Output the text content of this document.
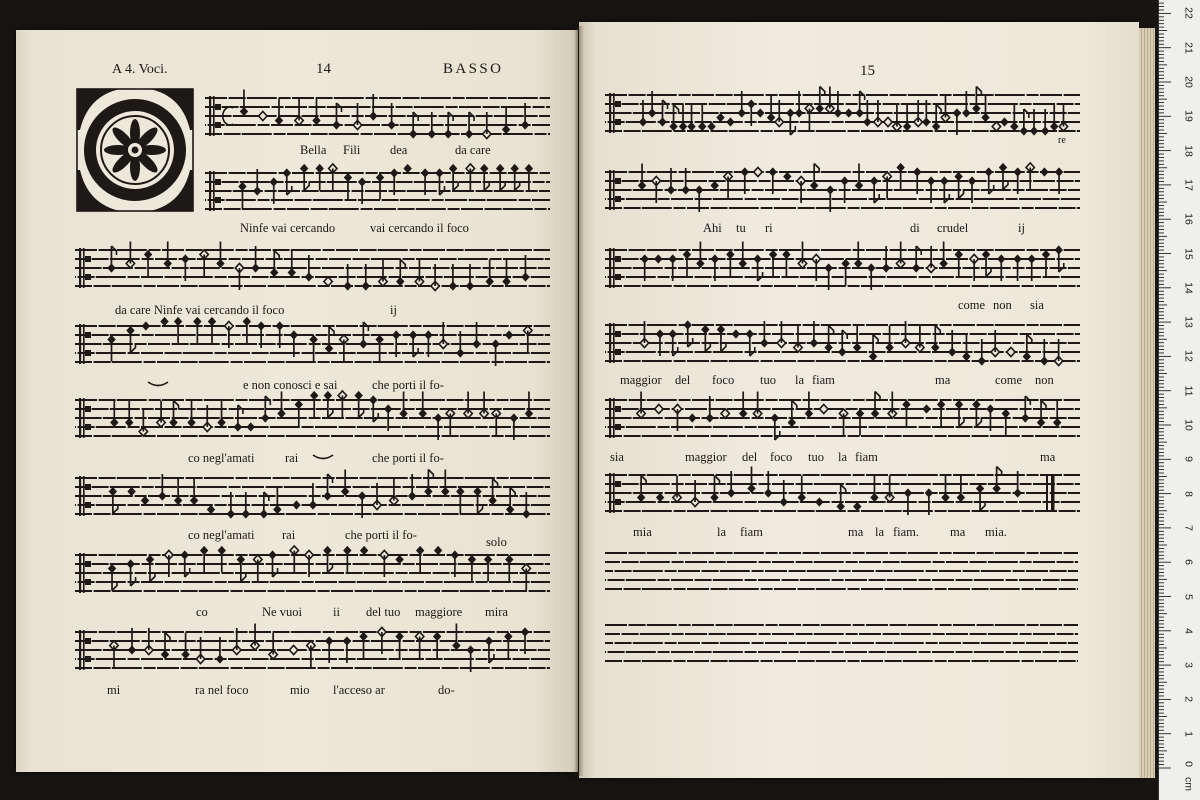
A 4. Voci.	14	BASSO	15
0
1
2
3
4
5
6
7
8
9
10
11
12
13
14
15
16
17
18
19
20
21
22
cm
Bella Fili dea	da care
Ninfe vai cercando	vai cercando il foco
da care Ninfe vai cercando il foco	ij
e non conosci e sai	che porti il fo-
co negl'amati rai	che porti il fo-
co negl'amati rai	che porti il fo-	solo
co	Ne vuoi ii del tuo maggiore mira
mi	ra nel foco	mio l'acceso ar	do-
re
Ahi tu ri	di crudel	ij
come non sia
maggior del foco tuo la fiam	ma	come non
sia	maggior del foco tuo la fiam	ma
mia	la fiam	ma la fiam. ma mia.
